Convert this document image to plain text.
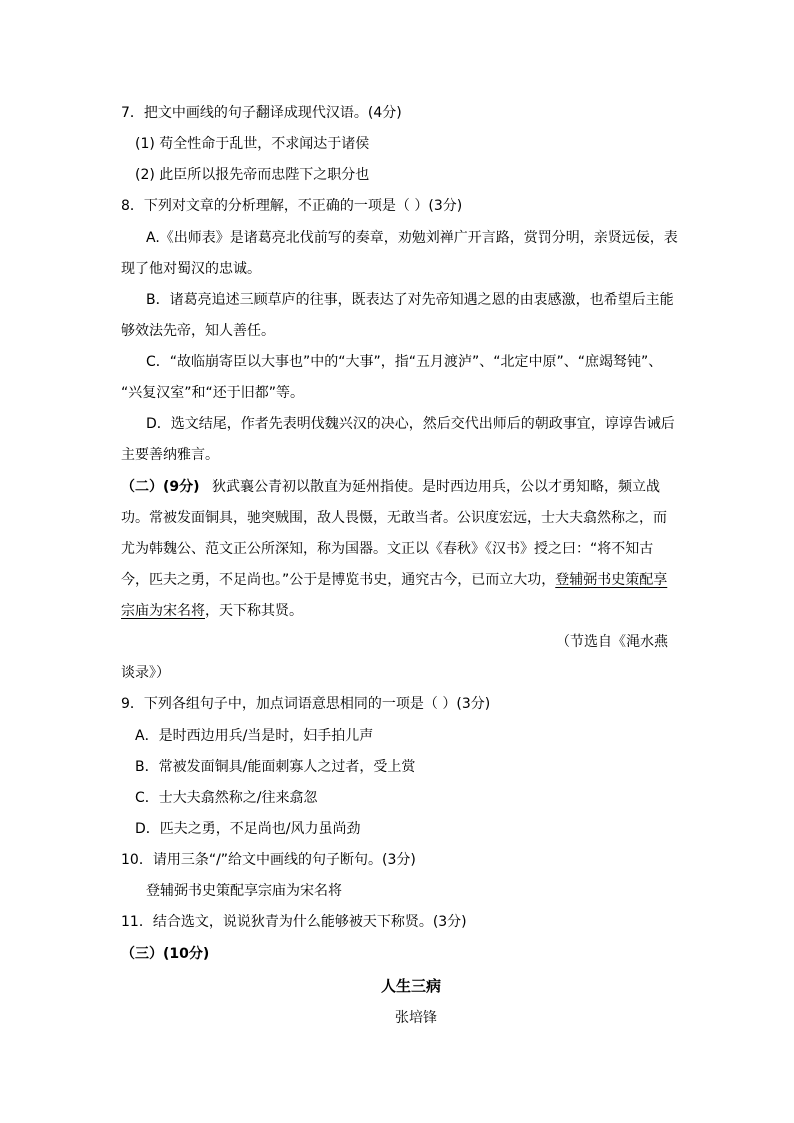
7．把文中画线的句子翻译成现代汉语。(4分)
(1) 苟全性命于乱世，不求闻达于诸侯
(2) 此臣所以报先帝而忠陛下之职分也
8．下列对文章的分析理解，不正确的一项是（ ）(3分)
A.《出师表》是诸葛亮北伐前写的奏章，劝勉刘禅广开言路，赏罚分明，亲贤远佞，表
现了他对蜀汉的忠诚。
B．诸葛亮追述三顾草庐的往事，既表达了对先帝知遇之恩的由衷感激，也希望后主能
够效法先帝，知人善任。
C．“故临崩寄臣以大事也”中的“大事”，指“五月渡泸”、“北定中原”、“庶竭驽钝”、
“兴复汉室”和“还于旧都”等。
D．选文结尾，作者先表明伐魏兴汉的决心，然后交代出师后的朝政事宜，谆谆告诫后
主要善纳雅言。
（二）(9分) 狄武襄公青初以散直为延州指使。是时西边用兵，公以才勇知略，频立战
功。常被发面铜具，驰突贼围，敌人畏慑，无敢当者。公识度宏远，士大夫翕然称之，而
尤为韩魏公、范文正公所深知，称为国器。文正以《春秋》《汉书》授之曰：“将不知古
今，匹夫之勇，不足尚也。”公于是博览书史，通究古今，已而立大功，登辅弼书史策配享
宗庙为宋名将，天下称其贤。
（节选自《渑水燕
谈录》）
9．下列各组句子中，加点词语意思相同的一项是（ ）(3分)
A．是时西边用兵/当是时，妇手拍儿声
B．常被发面铜具/能面刺寡人之过者，受上赏
C．士大夫翕然称之/往来翕忽
D．匹夫之勇，不足尚也/风力虽尚劲
10．请用三条“/”给文中画线的句子断句。(3分)
登辅弼书史策配享宗庙为宋名将
11．结合选文，说说狄青为什么能够被天下称贤。(3分)
（三）(10分)
人生三病
张培锋
